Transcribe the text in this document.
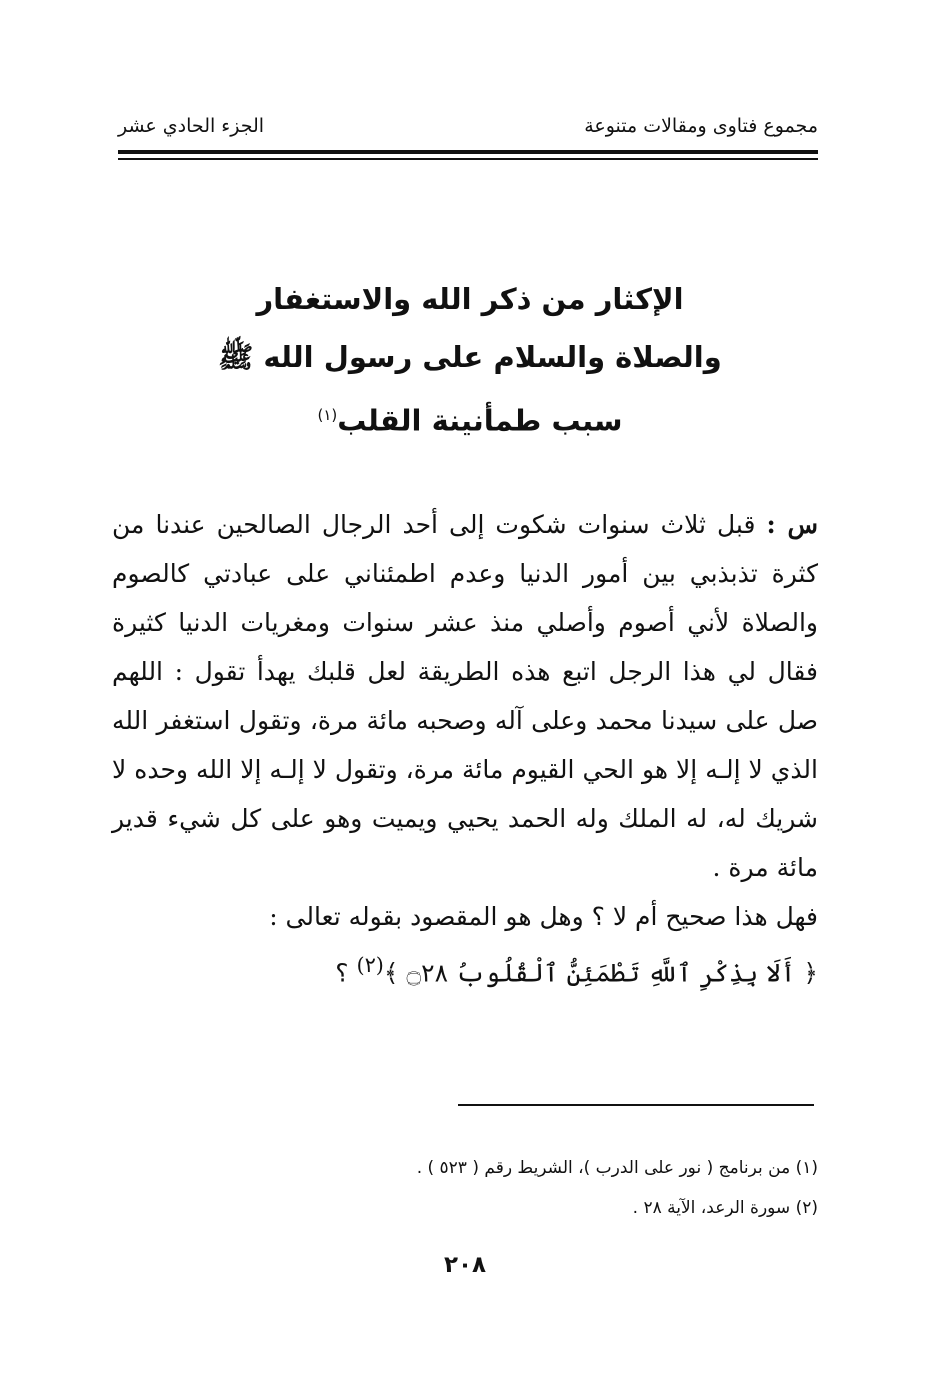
مجموع فتاوى ومقالات متنوعة
الجزء الحادي عشر
الإكثار من ذكر الله والاستغفار
والصلاة والسلام على رسول الله ﷺ
سبب طمأنينة القلب$^{(١)}$

س : قبل ثلاث سنوات شكوت إلى أحد الرجال الصالحين عندنا من كثرة تذبذبي بين أمور الدنيا وعدم اطمئناني على عبادتي كالصوم والصلاة لأني أصوم وأصلي منذ عشر سنوات ومغريات الدنيا كثيرة فقال لي هذا الرجل اتبع هذه الطريقة لعل قلبك يهدأ تقول : اللهم صل على سيدنا محمد وعلى آله وصحبه مائة مرة، وتقول استغفر الله الذي لا إلـه إلا هو الحي القيوم مائة مرة، وتقول لا إلـه إلا الله وحده لا شريك له، له الملك وله الحمد يحيي ويميت وهو على كل شيء قدير مائة مرة .

فهل هذا صحيح أم لا ؟ وهل هو المقصود بقوله تعالى :

﴿ أَلَا بِذِكْرِ ٱللَّهِ تَطْمَئِنُّ ٱلْقُلُوبُ ۝٢٨ ﴾$^{(٢)}$ ؟

(١) من برنامج ( نور على الدرب )، الشريط رقم ( ٥٢٣ ) .
(٢) سورة الرعد، الآية ٢٨ .
٢٠٨
